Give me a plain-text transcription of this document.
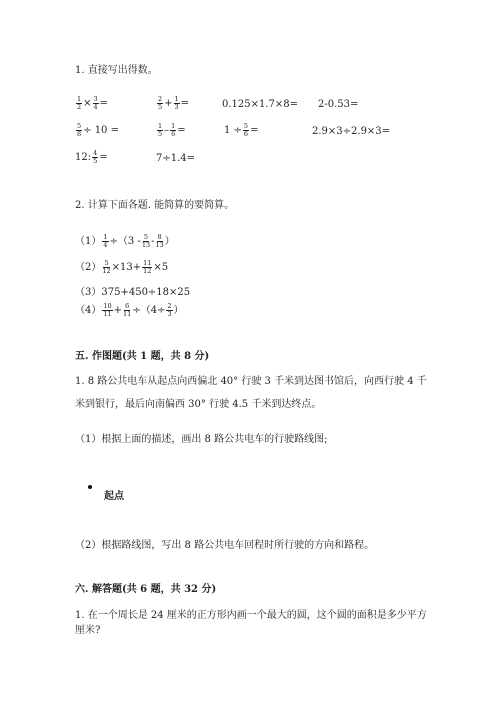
1. 直接写出得数。
$\frac{1}{2} \times \frac{3}{4}$ =	$\frac{2}{5} + \frac{1}{3}$ =	0.125×1.7×8= 2-0.53=
$\frac{5}{8} \div 10$ =	$\frac{1}{5} - \frac{1}{6}$ =	$1 \div \frac{5}{6}$ =	2.9×3÷2.9×3=
12: $\frac{4}{5}$ =	7÷1.4=
2. 计算下面各题. 能简算的要简算。
$(1) \frac{1}{4} \div(3 - \frac{5}{13} - \frac{8}{13}$ ）
$(2) \frac{5}{12} \times 13+ \frac{11}{12} \times 5$
（3）375+450÷18×25
$(4) \frac{10}{11} + \frac{6}{11} \div(4\div \frac{2}{3}$ ）
五. 作图题(共 1 题，共 8 分)
1. 8 路公共电车从起点向西偏北 40° 行驶 3 千米到达图书馆后，向西行驶 4 千
米到银行，最后向南偏西 30° 行驶 4.5 千米到达终点。
（1）根据上面的描述，画出 8 路公共电车的行驶路线图;
起点
（2）根据路线图，写出 8 路公共电车回程时所行驶的方向和路程。
六. 解答题(共 6 题，共 32 分)
1. 在一个周长是 24 厘米的正方形内画一个最大的圆，这个圆的面积是多少平方
厘米?
